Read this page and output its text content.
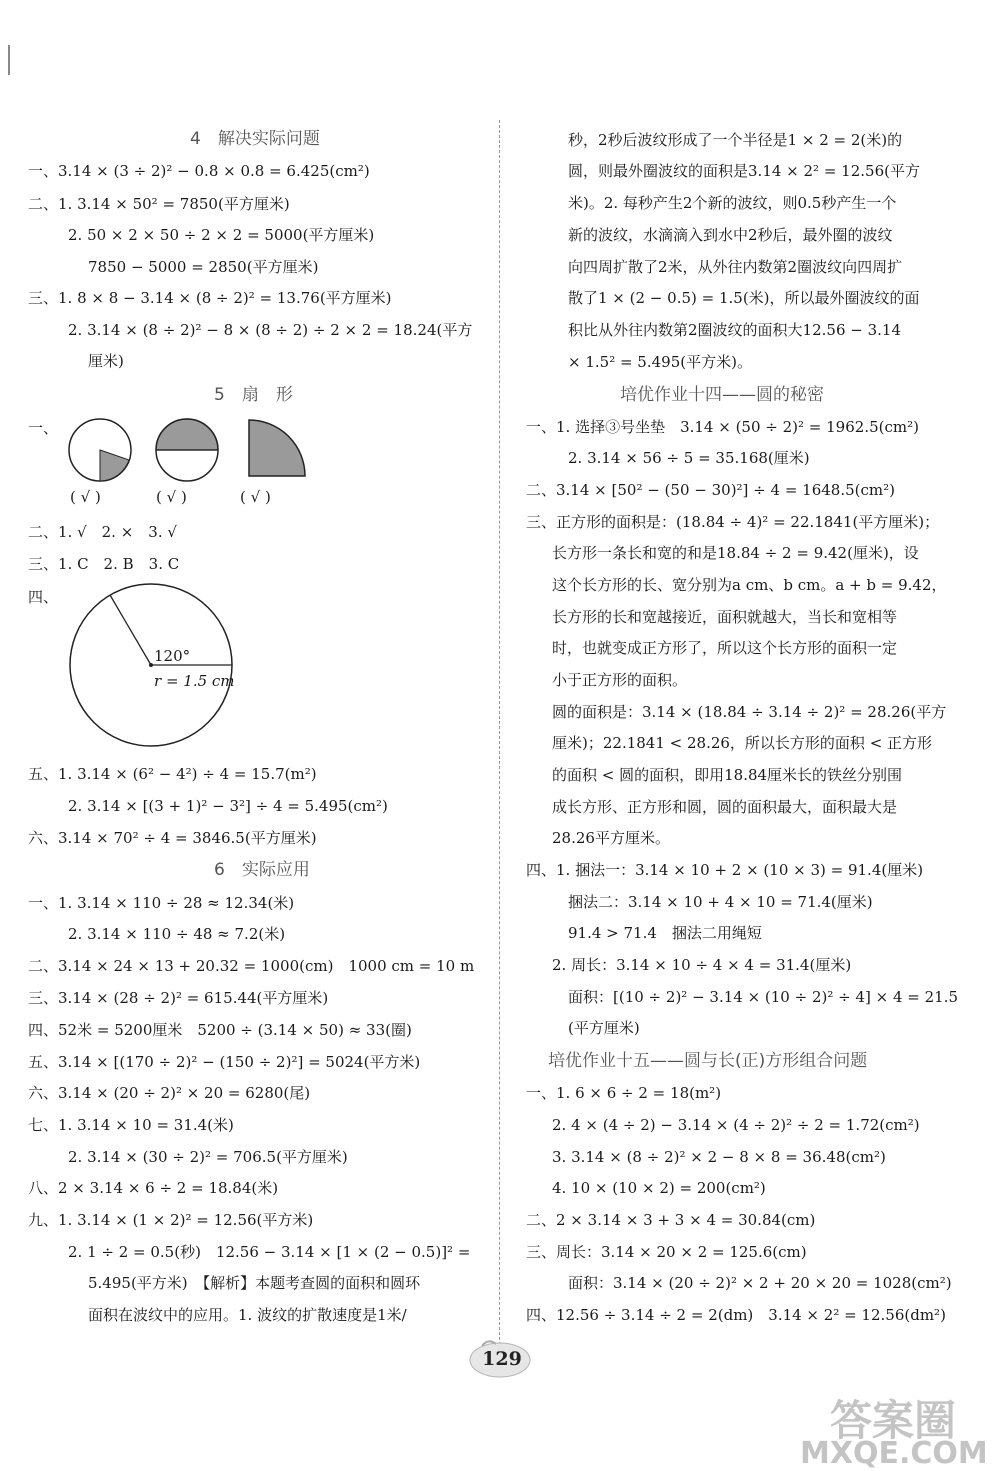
4　解决实际问题
一、3.14 × (3 ÷ 2)² − 0.8 × 0.8 = 6.425(cm²)
二、1. 3.14 × 50² = 7850(平方厘米)
2. 50 × 2 × 50 ÷ 2 × 2 = 5000(平方厘米)
7850 − 5000 = 2850(平方厘米)
三、1. 8 × 8 − 3.14 × (8 ÷ 2)² = 13.76(平方厘米)
2. 3.14 × (8 ÷ 2)² − 8 × (8 ÷ 2) ÷ 2 × 2 = 18.24(平方
厘米)
5　扇　形
一、
( √ )	( √ )	( √ )
二、1. √　2. ×　3. √
三、1. C　2. B　3. C
四、
120°
r = 1.5 cm
五、1. 3.14 × (6² − 4²) ÷ 4 = 15.7(m²)
2. 3.14 × [(3 + 1)² − 3²] ÷ 4 = 5.495(cm²)
六、3.14 × 70² ÷ 4 = 3846.5(平方厘米)
6　实际应用
一、1. 3.14 × 110 ÷ 28 ≈ 12.34(米)
2. 3.14 × 110 ÷ 48 ≈ 7.2(米)
二、3.14 × 24 × 13 + 20.32 = 1000(cm)　1000 cm = 10 m
三、3.14 × (28 ÷ 2)² = 615.44(平方厘米)
四、52米 = 5200厘米　5200 ÷ (3.14 × 50) ≈ 33(圈)
五、3.14 × [(170 ÷ 2)² − (150 ÷ 2)²] = 5024(平方米)
六、3.14 × (20 ÷ 2)² × 20 = 6280(尾)
七、1. 3.14 × 10 = 31.4(米)
2. 3.14 × (30 ÷ 2)² = 706.5(平方厘米)
八、2 × 3.14 × 6 ÷ 2 = 18.84(米)
九、1. 3.14 × (1 × 2)² = 12.56(平方米)
2. 1 ÷ 2 = 0.5(秒)　12.56 − 3.14 × [1 × (2 − 0.5)]² =
5.495(平方米)　【解析】本题考查圆的面积和圆环
面积在波纹中的应用。1. 波纹的扩散速度是1米/
秒，2秒后波纹形成了一个半径是1 × 2 = 2(米)的
圆，则最外圈波纹的面积是3.14 × 2² = 12.56(平方
米)。2. 每秒产生2个新的波纹，则0.5秒产生一个
新的波纹，水滴滴入到水中2秒后，最外圈的波纹
向四周扩散了2米，从外往内数第2圈波纹向四周扩
散了1 × (2 − 0.5) = 1.5(米)，所以最外圈波纹的面
积比从外往内数第2圈波纹的面积大12.56 − 3.14
× 1.5² = 5.495(平方米)。
培优作业十四——圆的秘密
一、1. 选择③号坐垫　3.14 × (50 ÷ 2)² = 1962.5(cm²)
2. 3.14 × 56 ÷ 5 = 35.168(厘米)
二、3.14 × [50² − (50 − 30)²] ÷ 4 = 1648.5(cm²)
三、正方形的面积是：(18.84 ÷ 4)² = 22.1841(平方厘米)；
长方形一条长和宽的和是18.84 ÷ 2 = 9.42(厘米)，设
这个长方形的长、宽分别为a cm、b cm。a + b = 9.42，
长方形的长和宽越接近，面积就越大，当长和宽相等
时，也就变成正方形了，所以这个长方形的面积一定
小于正方形的面积。
圆的面积是：3.14 × (18.84 ÷ 3.14 ÷ 2)² = 28.26(平方
厘米)；22.1841 < 28.26，所以长方形的面积 < 正方形
的面积 < 圆的面积，即用18.84厘米长的铁丝分别围
成长方形、正方形和圆，圆的面积最大，面积最大是
28.26平方厘米。
四、1. 捆法一：3.14 × 10 + 2 × (10 × 3) = 91.4(厘米)
捆法二：3.14 × 10 + 4 × 10 = 71.4(厘米)
91.4 > 71.4　捆法二用绳短
2. 周长：3.14 × 10 ÷ 4 × 4 = 31.4(厘米)
面积：[(10 ÷ 2)² − 3.14 × (10 ÷ 2)² ÷ 4] × 4 = 21.5
(平方厘米)
培优作业十五——圆与长(正)方形组合问题
一、1. 6 × 6 ÷ 2 = 18(m²)
2. 4 × (4 ÷ 2) − 3.14 × (4 ÷ 2)² ÷ 2 = 1.72(cm²)
3. 3.14 × (8 ÷ 2)² × 2 − 8 × 8 = 36.48(cm²)
4. 10 × (10 × 2) = 200(cm²)
二、2 × 3.14 × 3 + 3 × 4 = 30.84(cm)
三、周长：3.14 × 20 × 2 = 125.6(cm)
面积：3.14 × (20 ÷ 2)² × 2 + 20 × 20 = 1028(cm²)
四、12.56 ÷ 3.14 ÷ 2 = 2(dm)　3.14 × 2² = 12.56(dm²)
129
答案圈
MXQE.COM
